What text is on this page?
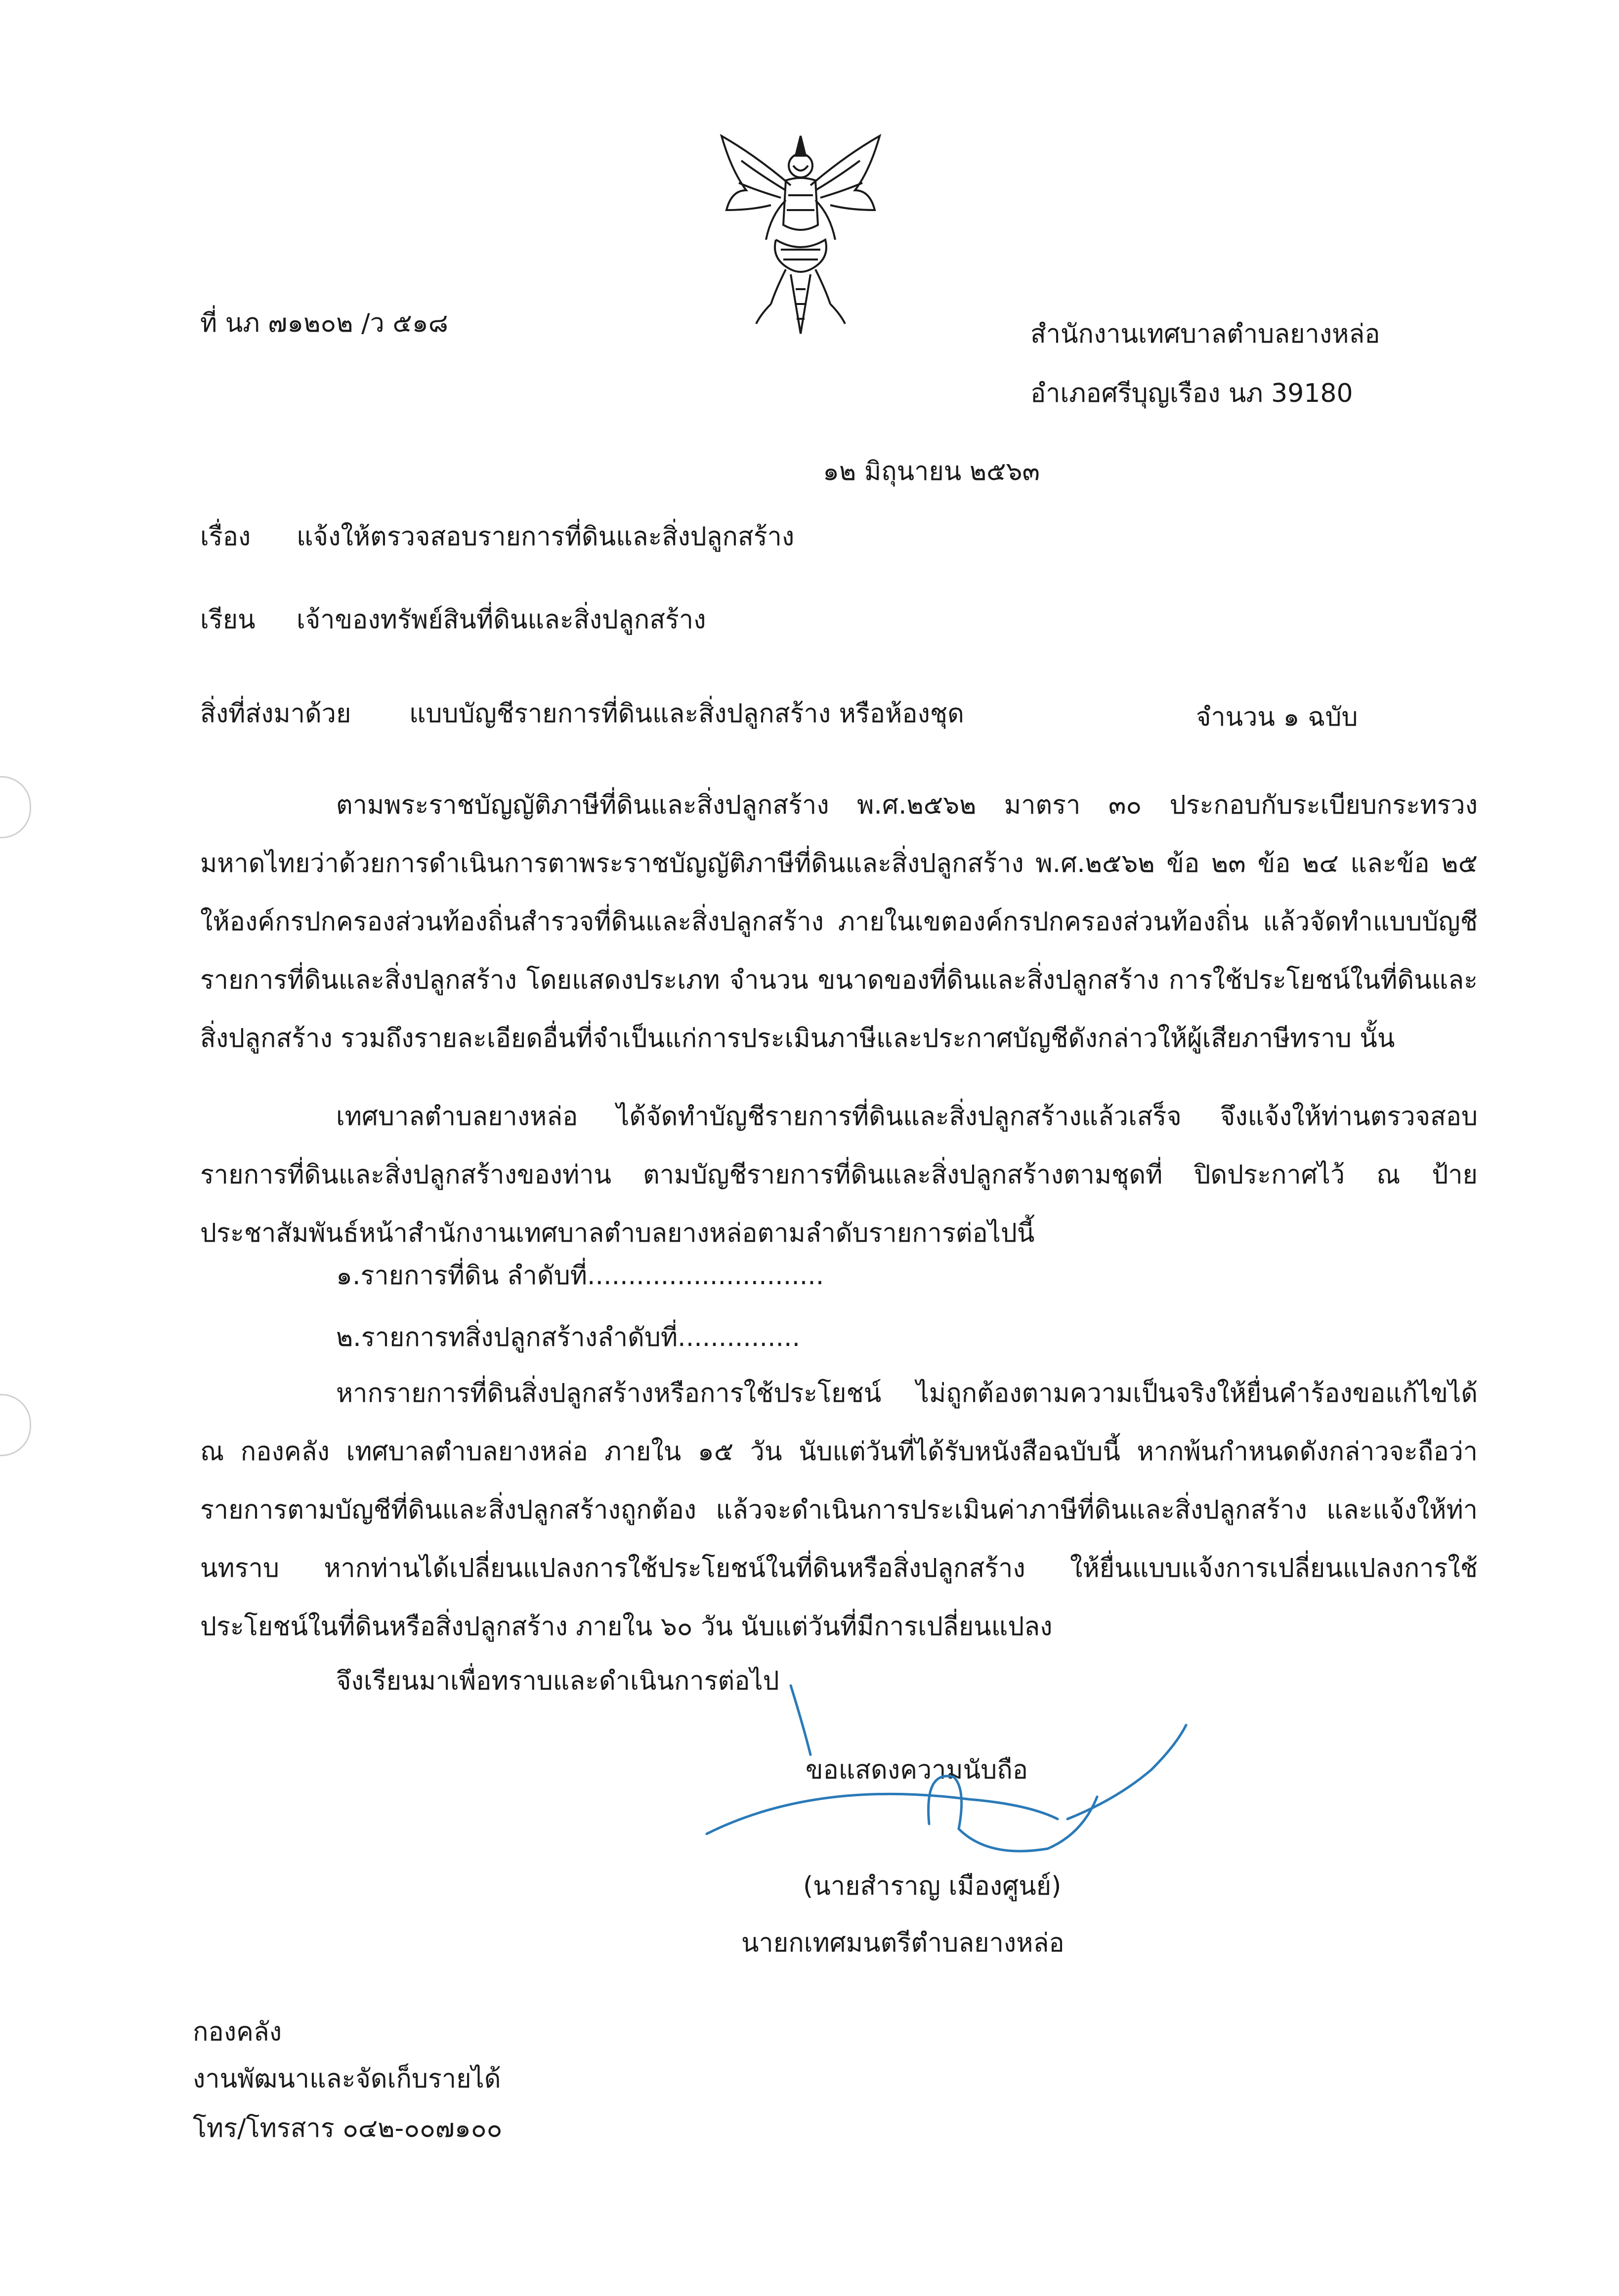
ที่ นภ ๗๑๒๐๒ /ว ๕๑๘	สำนักงานเทศบาลตำบลยางหล่อ
อำเภอศรีบุญเรือง นภ 39180
๑๒ มิถุนายน ๒๕๖๓
เรื่อง แจ้งให้ตรวจสอบรายการที่ดินและสิ่งปลูกสร้าง
เรียน เจ้าของทรัพย์สินที่ดินและสิ่งปลูกสร้าง
สิ่งที่ส่งมาด้วย แบบบัญชีรายการที่ดินและสิ่งปลูกสร้าง หรือห้องชุด	จำนวน ๑ ฉบับ
ตามพระราชบัญญัติภาษีที่ดินและสิ่งปลูกสร้าง พ.ศ.๒๕๖๒ มาตรา ๓๐ ประกอบกับระเบียบกระทรวงมหาดไทยว่าด้วยการดำเนินการตาพระราชบัญญัติภาษีที่ดินและสิ่งปลูกสร้าง พ.ศ.๒๕๖๒ ข้อ ๒๓ ข้อ ๒๔ และข้อ ๒๕ ให้องค์กรปกครองส่วนท้องถิ่นสำรวจที่ดินและสิ่งปลูกสร้าง ภายในเขตองค์กรปกครองส่วนท้องถิ่น แล้วจัดทำแบบบัญชีรายการที่ดินและสิ่งปลูกสร้าง โดยแสดงประเภท จำนวน ขนาดของที่ดินและสิ่งปลูกสร้าง การใช้ประโยชน์ในที่ดินและสิ่งปลูกสร้าง รวมถึงรายละเอียดอื่นที่จำเป็นแก่การประเมินภาษีและประกาศบัญชีดังกล่าวให้ผู้เสียภาษีทราบ นั้น
เทศบาลตำบลยางหล่อ ได้จัดทำบัญชีรายการที่ดินและสิ่งปลูกสร้างแล้วเสร็จ จึงแจ้งให้ท่านตรวจสอบรายการที่ดินและสิ่งปลูกสร้างของท่าน ตามบัญชีรายการที่ดินและสิ่งปลูกสร้างตามชุดที่ ปิดประกาศไว้ ณ ป้ายประชาสัมพันธ์หน้าสำนักงานเทศบาลตำบลยางหล่อตามลำดับรายการต่อไปนี้
๑.รายการที่ดิน ลำดับที่.............................
๒.รายการทสิ่งปลูกสร้างลำดับที่...............
หากรายการที่ดินสิ่งปลูกสร้างหรือการใช้ประโยชน์ ไม่ถูกต้องตามความเป็นจริงให้ยื่นคำร้องขอแก้ไขได้ ณ กองคลัง เทศบาลตำบลยางหล่อ ภายใน ๑๕ วัน นับแต่วันที่ได้รับหนังสือฉบับนี้ หากพ้นกำหนดดังกล่าวจะถือว่ารายการตามบัญชีที่ดินและสิ่งปลูกสร้างถูกต้อง แล้วจะดำเนินการประเมินค่าภาษีที่ดินและสิ่งปลูกสร้าง และแจ้งให้ท่านทราบ หากท่านได้เปลี่ยนแปลงการใช้ประโยชน์ในที่ดินหรือสิ่งปลูกสร้าง ให้ยื่นแบบแจ้งการเปลี่ยนแปลงการใช้ประโยชน์ในที่ดินหรือสิ่งปลูกสร้าง ภายใน ๖๐ วัน นับแต่วันที่มีการเปลี่ยนแปลง
จึงเรียนมาเพื่อทราบและดำเนินการต่อไป
ขอแสดงความนับถือ
(นายสำราญ เมืองศูนย์)
นายกเทศมนตรีตำบลยางหล่อ
กองคลัง
งานพัฒนาและจัดเก็บรายได้
โทร/โทรสาร ๐๔๒-๐๐๗๑๐๐
